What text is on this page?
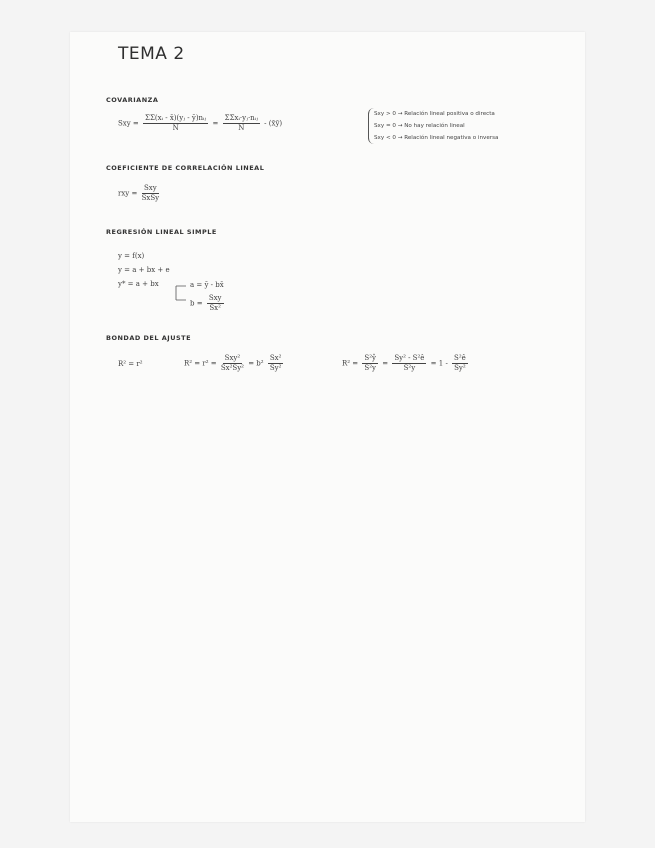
TEMA 2
COVARIANZA
Sxy = $\frac{\text{ΣΣ(xᵢ - x̄)(yⱼ - ȳ)nᵢⱼ}}{N} = \frac{\text{ΣΣxᵢ·yⱼ·nᵢⱼ}}{N}$ - (x̄ȳ)
Sxy > 0 → Relación lineal positiva o directa
Sxy = 0 → No hay relación lineal
Sxy < 0 → Relación lineal negativa o inversa
COEFICIENTE DE CORRELACIÓN LINEAL
rxy = $\frac{\text{Sxy}}{\text{SxSy}}$
REGRESIÓN LINEAL SIMPLE
y = f(x)
y = a + bx + e
y* = a + bx	a = ȳ - bx̄
$b = \frac{\text{Sxy}}{\text{Sx²}}$
BONDAD DEL AJUSTE
R² = r²	$R^2 = r^2 = \frac{\text{Sxy²}}{\text{Sx²Sy²}} = b^2 \frac{\text{Sx²}}{\text{Sy²}}$	$R^2 = \frac{\text{S²ŷ}}{\text{S²y}} = \frac{\text{Sy² - S²ê}}{\text{S²y}} = 1 - \frac{\text{S²ê}}{\text{Sy²}}$
